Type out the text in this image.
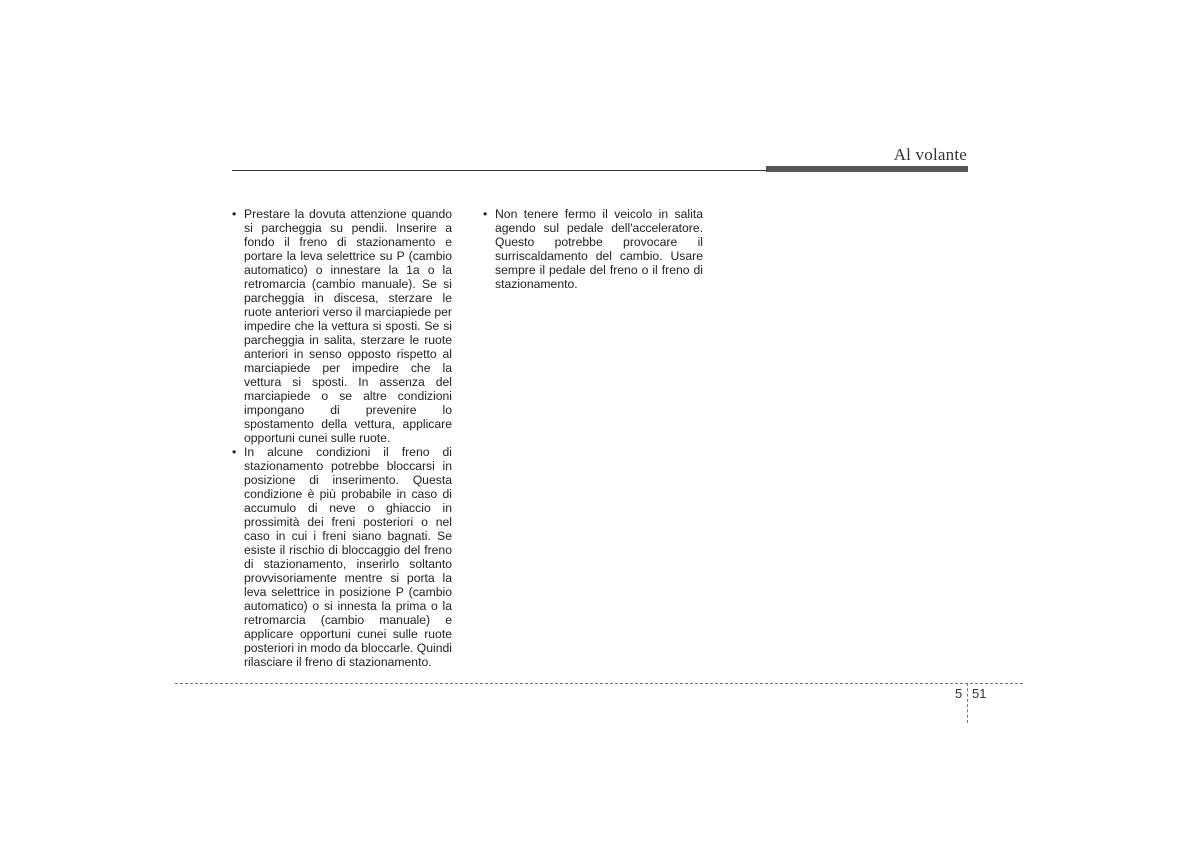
Al volante
• Prestare la dovuta attenzione quando si parcheggia su pendii. Inserire a fondo il freno di stazionamento e portare la leva selettrice su P (cambio automatico) o innestare la 1a o la retromarcia (cambio manuale). Se si parcheggia in discesa, sterzare le ruote anteriori verso il marciapiede per impedire che la vettura si sposti. Se si parcheggia in salita, sterzare le ruote anteriori in senso opposto rispetto al marciapiede per impedire che la vettura si sposti. In assenza del marciapiede o se altre condizioni impongano di prevenire lo spostamento della vettura, applicare opportuni cunei sulle ruote.
• In alcune condizioni il freno di stazionamento potrebbe bloccarsi in posizione di inserimento. Questa condizione è più probabile in caso di accumulo di neve o ghiaccio in prossimità dei freni posteriori o nel caso in cui i freni siano bagnati. Se esiste il rischio di bloccaggio del freno di stazionamento, inserirlo soltanto provvisoriamente mentre si porta la leva selettrice in posizione P (cambio automatico) o si innesta la prima o la retromarcia (cambio manuale) e applicare opportuni cunei sulle ruote posteriori in modo da bloccarle. Quindi rilasciare il freno di stazionamento.
• Non tenere fermo il veicolo in salita agendo sul pedale dell'acceleratore. Questo potrebbe provocare il surriscaldamento del cambio. Usare sempre il pedale del freno o il freno di stazionamento.
5 51
